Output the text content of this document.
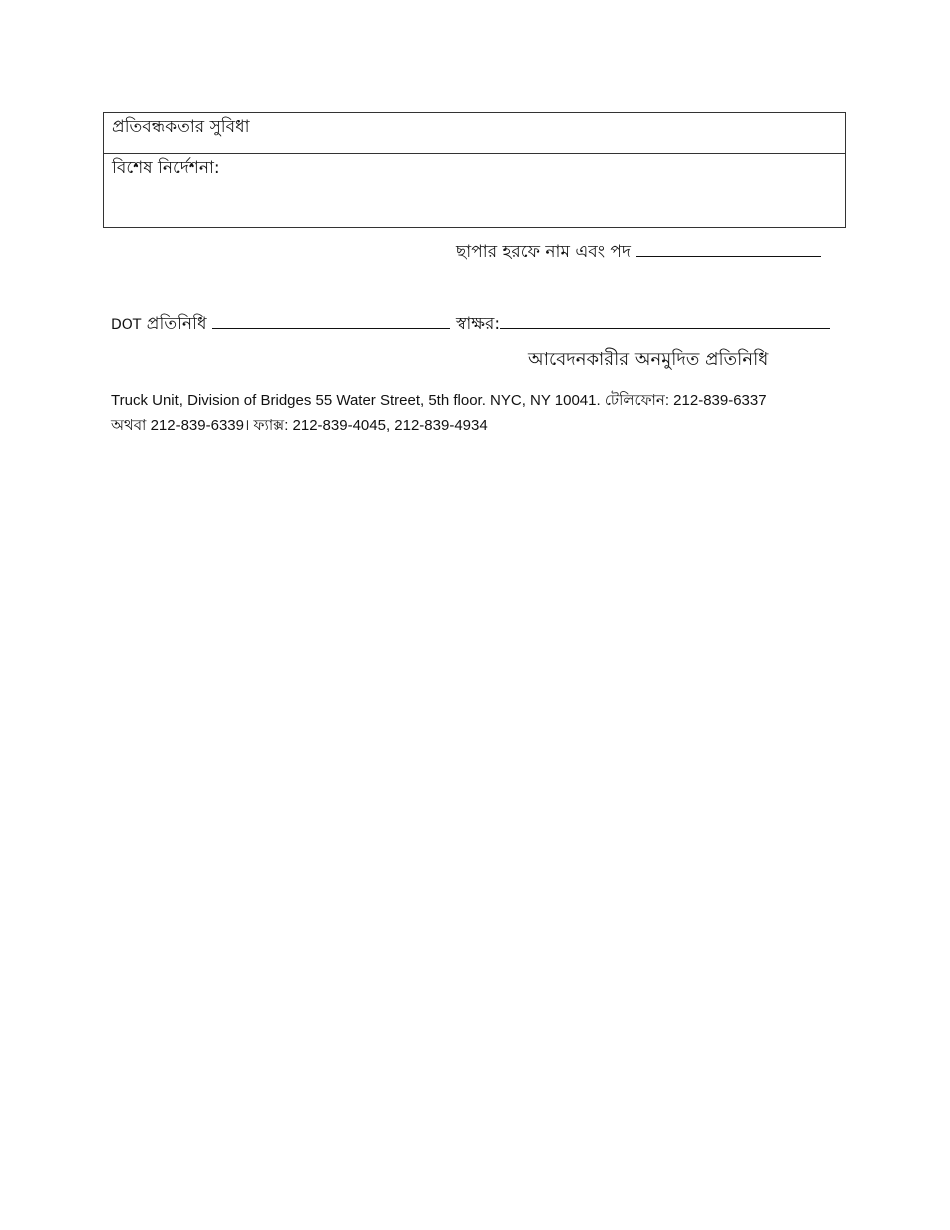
প্রতিবন্ধকতার সুবিধা
বিশেষ নির্দেশনা:
ছাপার হরফে নাম এবং পদ
DOT প্রতিনিধি	স্বাক্ষর:
আবেদনকারীর অনমুদিত প্রতিনিধি
Truck Unit, Division of Bridges 55 Water Street, 5th floor. NYC, NY 10041. টেলিফোন: 212-839-6337
অথবা 212-839-6339। ফ্যাক্স: 212-839-4045, 212-839-4934
